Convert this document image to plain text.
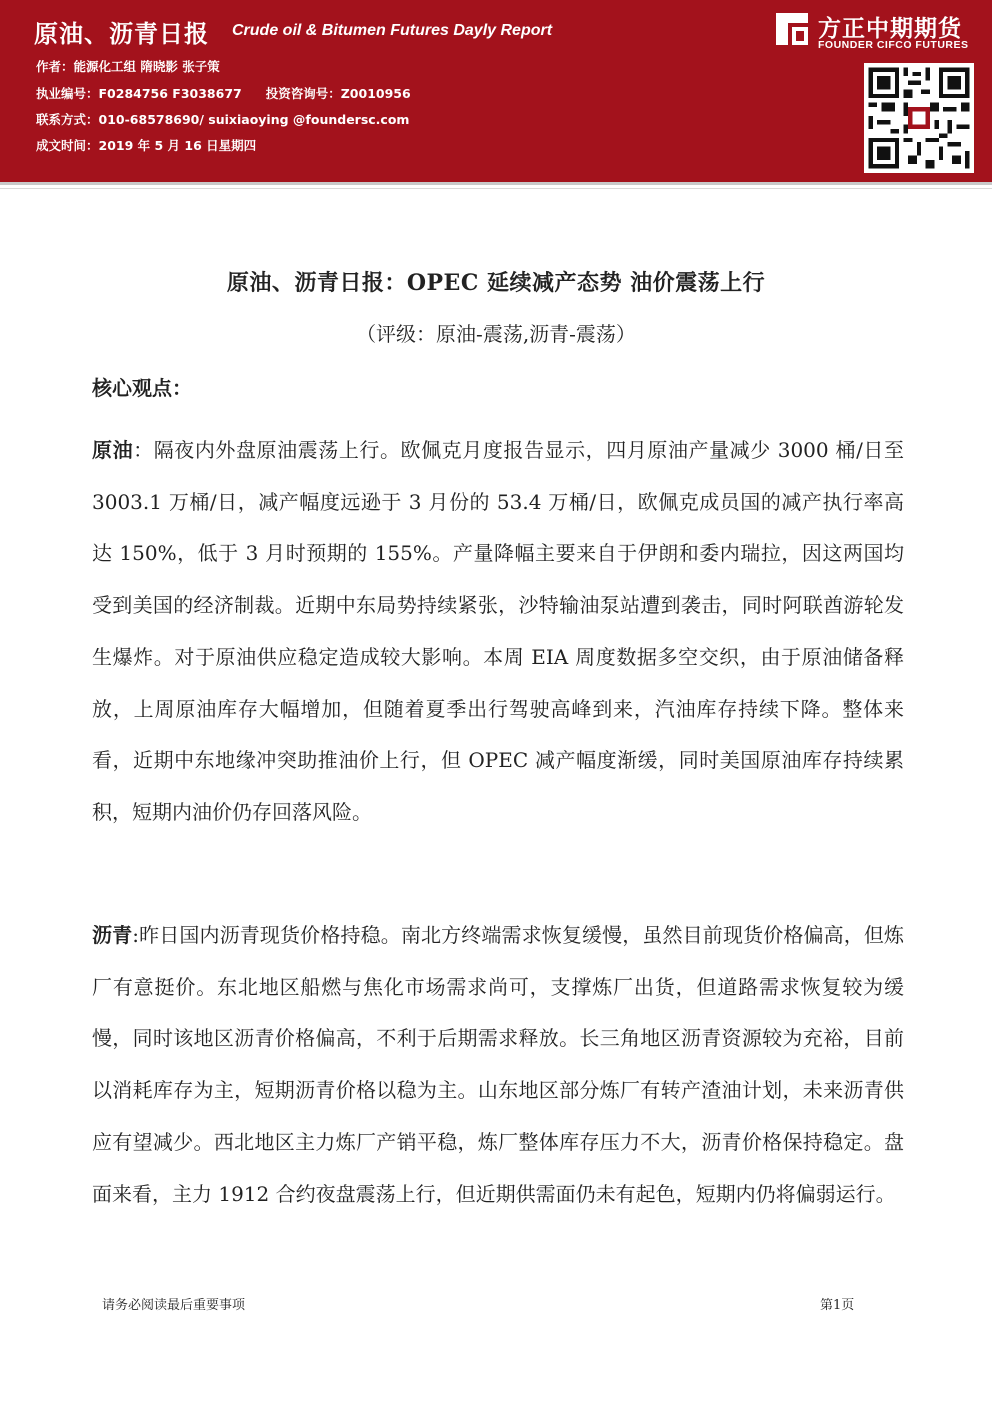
原油、沥青日报 Crude oil & Bitumen Futures Dayly Report
作者：能源化工组 隋晓影 张子策
执业编号：F0284756 F3038677 投资咨询号：Z0010956
联系方式：010-68578690/ suixiaoying @foundersc.com
成文时间：2019 年 5 月 16 日星期四
方正中期期货
FOUNDER CIFCO FUTURES
原油、沥青日报：OPEC 延续减产态势 油价震荡上行
（评级：原油-震荡,沥青-震荡）
核心观点：

原油：隔夜内外盘原油震荡上行。欧佩克月度报告显示，四月原油产量减少 3000 桶/日至 3003.1 万桶/日，减产幅度远逊于 3 月份的 53.4 万桶/日，欧佩克成员国的减产执行率高达 150%，低于 3 月时预期的 155%。产量降幅主要来自于伊朗和委内瑞拉，因这两国均受到美国的经济制裁。近期中东局势持续紧张，沙特输油泵站遭到袭击，同时阿联酋游轮发生爆炸。对于原油供应稳定造成较大影响。本周 EIA 周度数据多空交织，由于原油储备释放，上周原油库存大幅增加，但随着夏季出行驾驶高峰到来，汽油库存持续下降。整体来看，近期中东地缘冲突助推油价上行，但 OPEC 减产幅度渐缓，同时美国原油库存持续累积，短期内油价仍存回落风险。

沥青:昨日国内沥青现货价格持稳。南北方终端需求恢复缓慢，虽然目前现货价格偏高，但炼厂有意挺价。东北地区船燃与焦化市场需求尚可，支撑炼厂出货，但道路需求恢复较为缓慢，同时该地区沥青价格偏高，不利于后期需求释放。长三角地区沥青资源较为充裕，目前以消耗库存为主，短期沥青价格以稳为主。山东地区部分炼厂有转产渣油计划，未来沥青供应有望减少。西北地区主力炼厂产销平稳，炼厂整体库存压力不大，沥青价格保持稳定。盘面来看，主力 1912 合约夜盘震荡上行，但近期供需面仍未有起色，短期内仍将偏弱运行。

请务必阅读最后重要事项	第1页
